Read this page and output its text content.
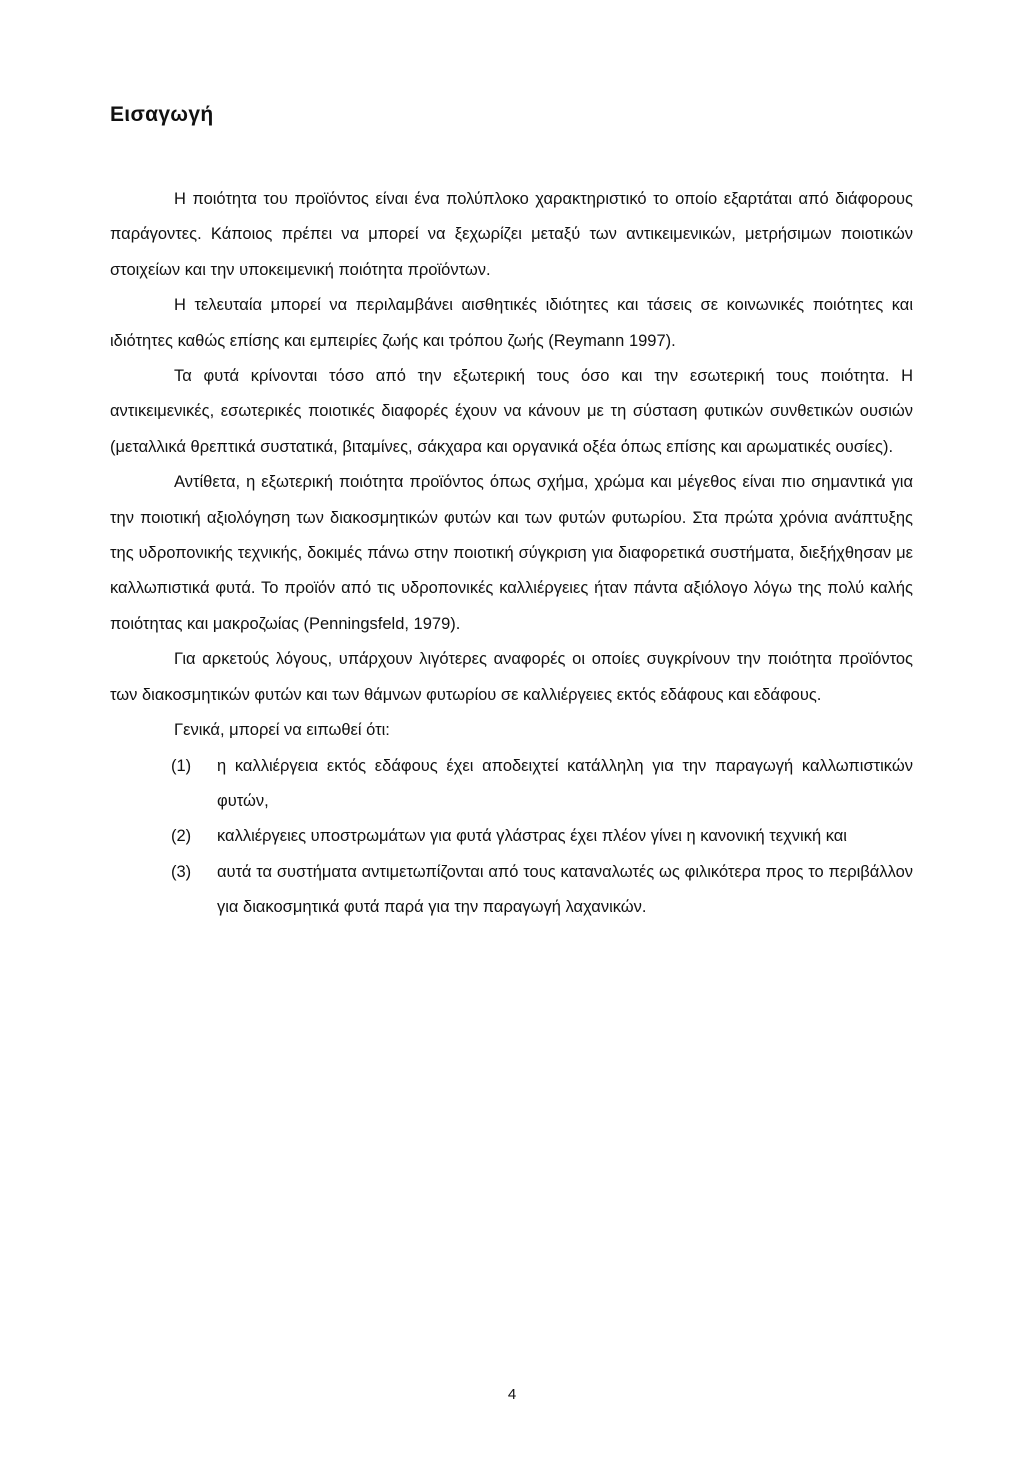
Εισαγωγή

Η ποιότητα του προϊόντος είναι ένα πολύπλοκο χαρακτηριστικό το οποίο εξαρτάται από διάφορους παράγοντες. Κάποιος πρέπει να μπορεί να ξεχωρίζει μεταξύ των αντικειμενικών, μετρήσιμων ποιοτικών στοιχείων και την υποκειμενική ποιότητα προϊόντων.

Η τελευταία μπορεί να περιλαμβάνει αισθητικές ιδιότητες και τάσεις σε κοινωνικές ποιότητες και ιδιότητες καθώς επίσης και εμπειρίες ζωής και τρόπου ζωής (Reymann 1997).

Τα φυτά κρίνονται τόσο από την εξωτερική τους όσο και την εσωτερική τους ποιότητα. Η αντικειμενικές, εσωτερικές ποιοτικές διαφορές έχουν να κάνουν με τη σύσταση φυτικών συνθετικών ουσιών (μεταλλικά θρεπτικά συστατικά, βιταμίνες, σάκχαρα και οργανικά οξέα όπως επίσης και αρωματικές ουσίες).

Αντίθετα, η εξωτερική ποιότητα προϊόντος όπως σχήμα, χρώμα και μέγεθος είναι πιο σημαντικά για την ποιοτική αξιολόγηση των διακοσμητικών φυτών και των φυτών φυτωρίου. Στα πρώτα χρόνια ανάπτυξης της υδροπονικής τεχνικής, δοκιμές πάνω στην ποιοτική σύγκριση για διαφορετικά συστήματα, διεξήχθησαν με καλλωπιστικά φυτά. Το προϊόν από τις υδροπονικές καλλιέργειες ήταν πάντα αξιόλογο λόγω της πολύ καλής ποιότητας και μακροζωίας (Penningsfeld, 1979).

Για αρκετούς λόγους, υπάρχουν λιγότερες αναφορές οι οποίες συγκρίνουν την ποιότητα προϊόντος των διακοσμητικών φυτών και των θάμνων φυτωρίου σε καλλιέργειες εκτός εδάφους και εδάφους.

Γενικά, μπορεί να ειπωθεί ότι:

(1)	η καλλιέργεια εκτός εδάφους έχει αποδειχτεί κατάλληλη για την παραγωγή καλλωπιστικών φυτών,
(2)	καλλιέργειες υποστρωμάτων για φυτά γλάστρας έχει πλέον γίνει η κανονική τεχνική και
(3)	αυτά τα συστήματα αντιμετωπίζονται από τους καταναλωτές ως φιλικότερα προς το περιβάλλον για διακοσμητικά φυτά παρά για την παραγωγή λαχανικών.
4
